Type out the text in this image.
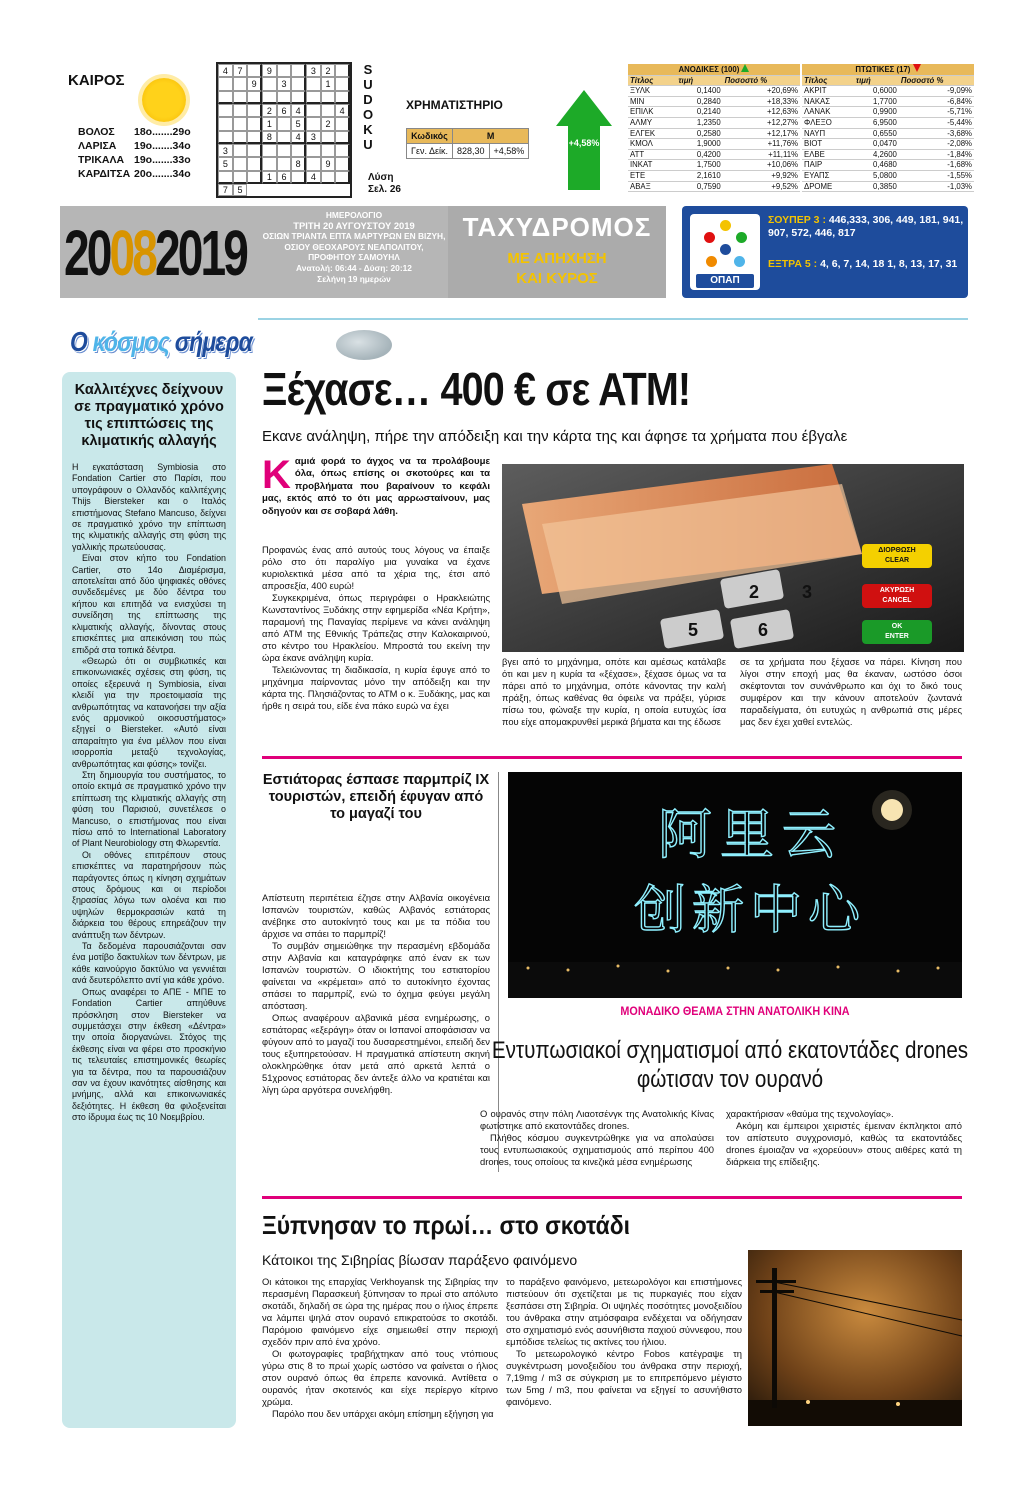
ΚΑΙΡΟΣ
ΒΟΛΟΣ 18ο.......29ο
ΛΑΡΙΣΑ 19ο.......34ο
ΤΡΙΚΑΛΑ 19ο.......33ο
ΚΑΡΔΙΤΣΑ 20ο.......34ο
4	7	9	3	2
9	3	1
2	6	4	4
1	5	2
8	4	3
3
5	8	9
1	6	4
7	5
S
U
D
O
K
U
Λύση Σελ. 26
ΧΡΗΜΑΤΙΣΤΗΡΙΟ
Κωδικός	Μ	
Γεν. Δείκ.	828,30	+4,58%
+4,58%
ΑΝΟΔΙΚΕΣ (100)		
Τίτλος	τιμή	Ποσοστό %
ΞΥΛΚ	0,1400	+20,69%
ΜΙΝ	0,2840	+18,33%
ΕΠΙΛΚ	0,2140	+12,63%
ΑΛΜΥ	1,2350	+12,27%
ΕΛΓΕΚ	0,2580	+12,17%
ΚΜΟΛ	1,9000	+11,76%
ΑΤΤ	0,4200	+11,11%
ΙΝΚΑΤ	1,7500	+10,06%
ΕΤΕ	2,1610	+9,92%
ΑΒΑΞ	0,7590	+9,52%
ΠΤΩΤΙΚΕΣ (17)		
Τίτλος	τιμή	Ποσοστό %
ΑΚΡΙΤ	0,6000	-9,09%
ΝΑΚΑΣ	1,7700	-6,84%
ΛΑΝΑΚ	0,9900	-5,71%
ΦΛΕΞΟ	6,9500	-5,44%
ΝΑΥΠ	0,6550	-3,68%
ΒΙΟΤ	0,0470	-2,08%
ΕΛΒΕ	4,2600	-1,84%
ΠΑΙΡ	0,4680	-1,68%
ΕΥΑΠΣ	5,0800	-1,55%
ΔΡΟΜΕ	0,3850	-1,03%
20082019
ΗΜΕΡΟΛΟΓΙΟ
ΤΡΙΤΗ 20 ΑΥΓΟΥΣΤΟΥ 2019
ΟΣΙΩΝ ΤΡΙΑΝΤΑ ΕΠΤΑ ΜΑΡΤΥΡΩΝ ΕΝ ΒΙΖΥΗ, ΟΣΙΟΥ ΘΕΟΧΑΡΟΥΣ ΝΕΑΠΟΛΙΤΟΥ, ΠΡΟΦΗΤΟΥ ΣΑΜΟΥΗΛ
Ανατολή: 06:44 - Δύση: 20:12
Σελήνη 19 ημερών
ΤΑΧΥΔΡΟΜΟΣ
ΜΕ ΑΠΗΧΗΣΗ
ΚΑΙ ΚΥΡΟΣ	ΟΠΑΠ
ΣΟΥΠΕΡ 3 : 446,333, 306, 449, 181, 941, 907, 572, 446, 817
ΕΞΤΡΑ 5 : 4, 6, 7, 14, 18 1, 8, 13, 17, 31
Ο κόσμος σήμερα
Καλλιτέχνες δείχνουν σε πραγματικό χρόνο τις επιπτώσεις της κλιματικής αλλαγής

Η εγκατάσταση Symbiosia στο Fondation Cartier στο Παρίσι, που υπογράφουν ο Ολλανδός καλλιτέχνης Thijs Biersteker και ο Ιταλός επιστήμονας Stefano Mancuso, δείχνει σε πραγματικό χρόνο την επίπτωση της κλιματικής αλλαγής στη φύση της γαλλικής πρωτεύουσας.

Είναι στον κήπο του Fondation Cartier, στο 14ο Διαμέρισμα, αποτελείται από δύο ψηφιακές οθόνες συνδεδεμένες με δύο δέντρα του κήπου και επιτηδά να ενισχύσει τη συνείδηση της επίπτωσης της κλιματικής αλλαγής, δίνοντας στους επισκέπτες μια απεικόνιση του πώς επιδρά στα τοπικά δέντρα.

«Θεωρώ ότι οι συμβιωτικές και επικοινωνιακές σχέσεις στη φύση, τις οποίες εξερευνά η Symbiosia, είναι κλειδί για την προετοιμασία της ανθρωπότητας να κατανοήσει την αξία ενός αρμονικού οικοσυστήματος» εξηγεί ο Biersteker. «Αυτό είναι απαραίτητο για ένα μέλλον που είναι ισορροπία μεταξύ τεχνολογίας, ανθρωπότητας και φύσης» τονίζει.

Στη δημιουργία του συστήματος, το οποίο εκτιμά σε πραγματικό χρόνο την επίπτωση της κλιματικής αλλαγής στη φύση του Παρισιού, συνετέλεσε ο Mancuso, ο επιστήμονας που είναι πίσω από το International Laboratory of Plant Neurobiology στη Φλωρεντία.

Οι οθόνες επιτρέπουν στους επισκέπτες να παρατηρήσουν πώς παράγοντες όπως η κίνηση σχημάτων στους δρόμους και οι περίοδοι ξηρασίας λόγω των ολοένα και πιο υψηλών θερμοκρασιών κατά τη διάρκεια του θέρους επηρεάζουν την ανάπτυξη των δέντρων.

Τα δεδομένα παρουσιάζονται σαν ένα μοτίβο δακτυλίων των δέντρων, με κάθε καινούργιο δακτύλιο να γεννιέται ανά δευτερόλεπτο αντί για κάθε χρόνο.

Οπως αναφέρει το ΑΠΕ - ΜΠΕ το Fondation Cartier απηύθυνε πρόσκληση στον Biersteker να συμμετάσχει στην έκθεση «Δέντρα» την οποία διοργανώνει. Στόχος της έκθεσης είναι να φέρει στο προσκήνιο τις τελευταίες επιστημονικές θεωρίες για τα δέντρα, που τα παρουσιάζουν σαν να έχουν ικανότητες αίσθησης και μνήμης, αλλά και επικοινωνιακές δεξιότητες. Η έκθεση θα φιλοξενείται στο ίδρυμα έως τις 10 Νοεμβρίου.

Ξέχασε… 400 € σε ΑΤΜ!
Εκανε ανάληψη, πήρε την απόδειξη και την κάρτα της και άφησε τα χρήματα που έβγαλε
Καμιά φορά το άγχος να τα προλάβουμε όλα, όπως επίσης οι σκοτούρες και τα προβλήματα που βαραίνουν το κεφάλι μας, εκτός από το ότι μας αρρωσταίνουν, μας οδηγούν και σε σοβαρά λάθη.

Προφανώς ένας από αυτούς τους λόγους να έπαιξε ρόλο στο ότι παραλίγο μια γυναίκα να έχανε κυριολεκτικά μέσα από τα χέρια της, έτσι από απροσεξία, 400 ευρώ!

Συγκεκριμένα, όπως περιγράφει ο Ηρακλειώτης Κωνσταντίνος Ξυδάκης στην εφημερίδα «Νέα Κρήτη», παραμονή της Παναγίας περίμενε να κάνει ανάληψη από ΑΤΜ της Εθνικής Τράπεζας στην Καλοκαιρινού, στο κέντρο του Ηρακλείου. Μπροστά του εκείνη την ώρα έκανε ανάληψη κυρία.

Τελειώνοντας τη διαδικασία, η κυρία έφυγε από το μηχάνημα παίρνοντας μόνο την απόδειξη και την κάρτα της. Πλησιάζοντας το ΑΤΜ ο κ. Ξυδάκης, μας και ήρθε η σειρά του, είδε ένα πάκο ευρώ να έχει

2
5	6
3
ΔΙΟΡΘΩΣΗ
CLEAR
ΑΚΥΡΩΣΗ
CANCEL
ΟΚ
ENTER

βγει από το μηχάνημα, οπότε και αμέσως κατάλαβε ότι και μεν η κυρία τα «ξέχασε», ξέχασε όμως να τα πάρει από το μηχάνημα, οπότε κάνοντας την καλή πράξη, όπως καθένας θα όφειλε να πράξει, γύρισε πίσω του, φώναξε την κυρία, η οποία ευτυχώς ίσα που είχε απομακρυνθεί μερικά βήματα και της έδωσε

σε τα χρήματα που ξέχασε να πάρει. Κίνηση που λίγοι στην εποχή μας θα έκαναν, ωστόσο όσοι σκέφτονται τον συνάνθρωπο και όχι το δικό τους συμφέρον και την κάνουν αποτελούν ζωντανά παραδείγματα, ότι ευτυχώς η ανθρωπιά στις μέρες μας δεν έχει χαθεί εντελώς.

Εστιάτορας έσπασε παρμπρίζ ΙΧ τουριστών, επειδή έφυγαν από το μαγαζί του

Απίστευτη περιπέτεια έζησε στην Αλβανία οικογένεια Ισπανών τουριστών, καθώς Αλβανός εστιάτορας ανέβηκε στο αυτοκίνητό τους και με τα πόδια του άρχισε να σπάει το παρμπρίζ!

Το συμβάν σημειώθηκε την περασμένη εβδομάδα στην Αλβανία και καταγράφηκε από έναν εκ των Ισπανών τουριστών. Ο ιδιοκτήτης του εστιατορίου φαίνεται να «κρέμεται» από το αυτοκίνητο έχοντας σπάσει το παρμπρίζ, ενώ το όχημα φεύγει μεγάλη απόσταση.

Οπως αναφέρουν αλβανικά μέσα ενημέρωσης, ο εστιάτορας «εξεράγη» όταν οι Ισπανοί αποφάσισαν να φύγουν από το μαγαζί του δυσαρεστημένοι, επειδή δεν τους εξυπηρετούσαν. Η πραγματικά απίστευτη σκηνή ολοκληρώθηκε όταν μετά από αρκετά λεπτά ο 51χρονος εστιάτορας δεν άντεξε άλλο να κρατιέται και λίγη ώρα αργότερα συνελήφθη.

阿里云
创新中心
ΜΟΝΑΔΙΚΟ ΘΕΑΜΑ ΣΤΗΝ ΑΝΑΤΟΛΙΚΗ ΚΙΝΑ
Εντυπωσιακοί σχηματισμοί από εκατοντάδες drones φώτισαν τον ουρανό

Ο ουρανός στην πόλη Λιαοτσένγκ της Ανατολικής Κίνας φωτίστηκε από εκατοντάδες drones.

Πλήθος κόσμου συγκεντρώθηκε για να απολαύσει τους εντυπωσιακούς σχηματισμούς από περίπου 400 drones, τους οποίους τα κινεζικά μέσα ενημέρωσης

χαρακτήρισαν «θαύμα της τεχνολογίας».

Ακόμη και έμπειροι χειριστές έμειναν έκπληκτοι από τον απίστευτο συγχρονισμό, καθώς τα εκατοντάδες drones έμοιαζαν να «χορεύουν» στους αιθέρες κατά τη διάρκεια της επίδειξης.

Ξύπνησαν το πρωί… στο σκοτάδι
Κάτοικοι της Σιβηρίας βίωσαν παράξενο φαινόμενο

Οι κάτοικοι της επαρχίας Verkhoyansk της Σιβηρίας την περασμένη Παρασκευή ξύπνησαν το πρωί στο απόλυτο σκοτάδι, δηλαδή σε ώρα της ημέρας που ο ήλιος έπρεπε να λάμπει ψηλά στον ουρανό επικρατούσε το σκοτάδι. Παρόμοιο φαινόμενο είχε σημειωθεί στην περιοχή σχεδόν πριν από ένα χρόνο.

Οι φωτογραφίες τραβήχτηκαν από τους ντόπιους γύρω στις 8 το πρωί χωρίς ωστόσο να φαίνεται ο ήλιος στον ουρανό όπως θα έπρεπε κανονικά. Αντίθετα ο ουρανός ήταν σκοτεινός και είχε περίεργο κίτρινο χρώμα.

Παρόλο που δεν υπάρχει ακόμη επίσημη εξήγηση για

το παράξενο φαινόμενο, μετεωρολόγοι και επιστήμονες πιστεύουν ότι σχετίζεται με τις πυρκαγιές που είχαν ξεσπάσει στη Σιβηρία. Οι υψηλές ποσότητες μονοξειδίου του άνθρακα στην ατμόσφαιρα ενδέχεται να οδήγησαν στο σχηματισμό ενός ασυνήθιστα παχιού σύννεφου, που εμπόδισε τελείως τις ακτίνες του ήλιου.

Το μετεωρολογικό κέντρο Fobos κατέγραψε τη συγκέντρωση μονοξειδίου του άνθρακα στην περιοχή, 7,19mg / m3 σε σύγκριση με το επιτρεπόμενο μέγιστο των 5mg / m3, που φαίνεται να εξηγεί το ασυνήθιστο φαινόμενο.
